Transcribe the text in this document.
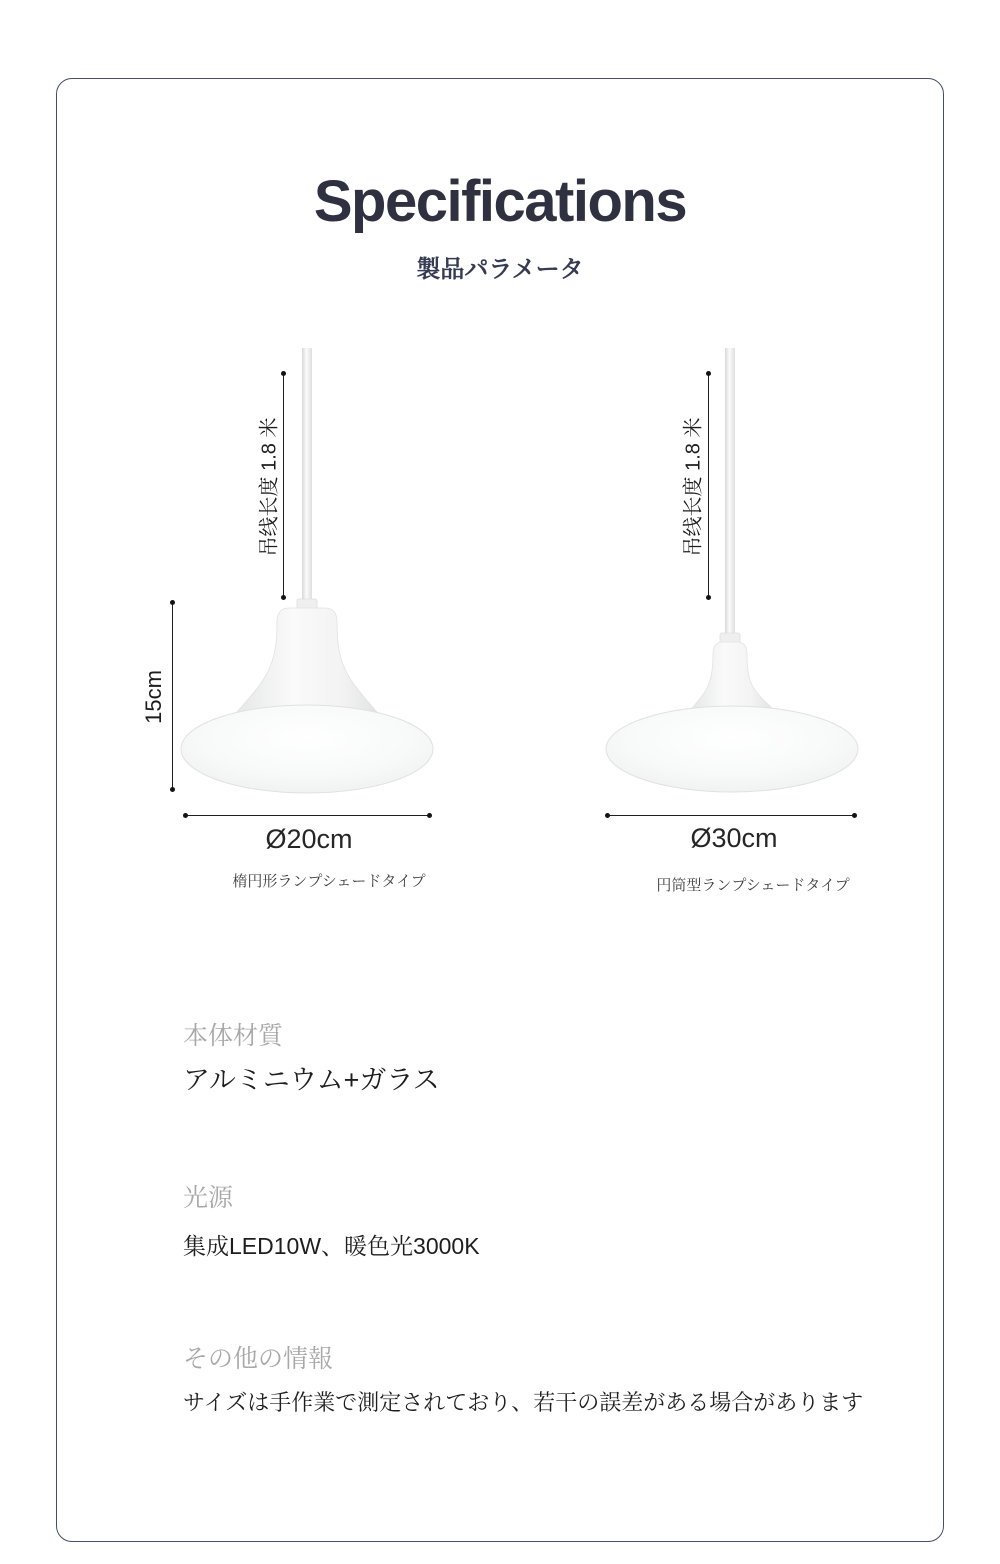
Specifications
製品パラメータ
吊线长度 1.8 米
15cm
Ø20cm
楕円形ランプシェードタイプ
吊线长度 1.8 米
Ø30cm
円筒型ランプシェードタイプ
本体材質
アルミニウム+ガラス
光源
集成LED10W、暖色光3000K
その他の情報
サイズは手作業で測定されており、若干の誤差がある場合があります
